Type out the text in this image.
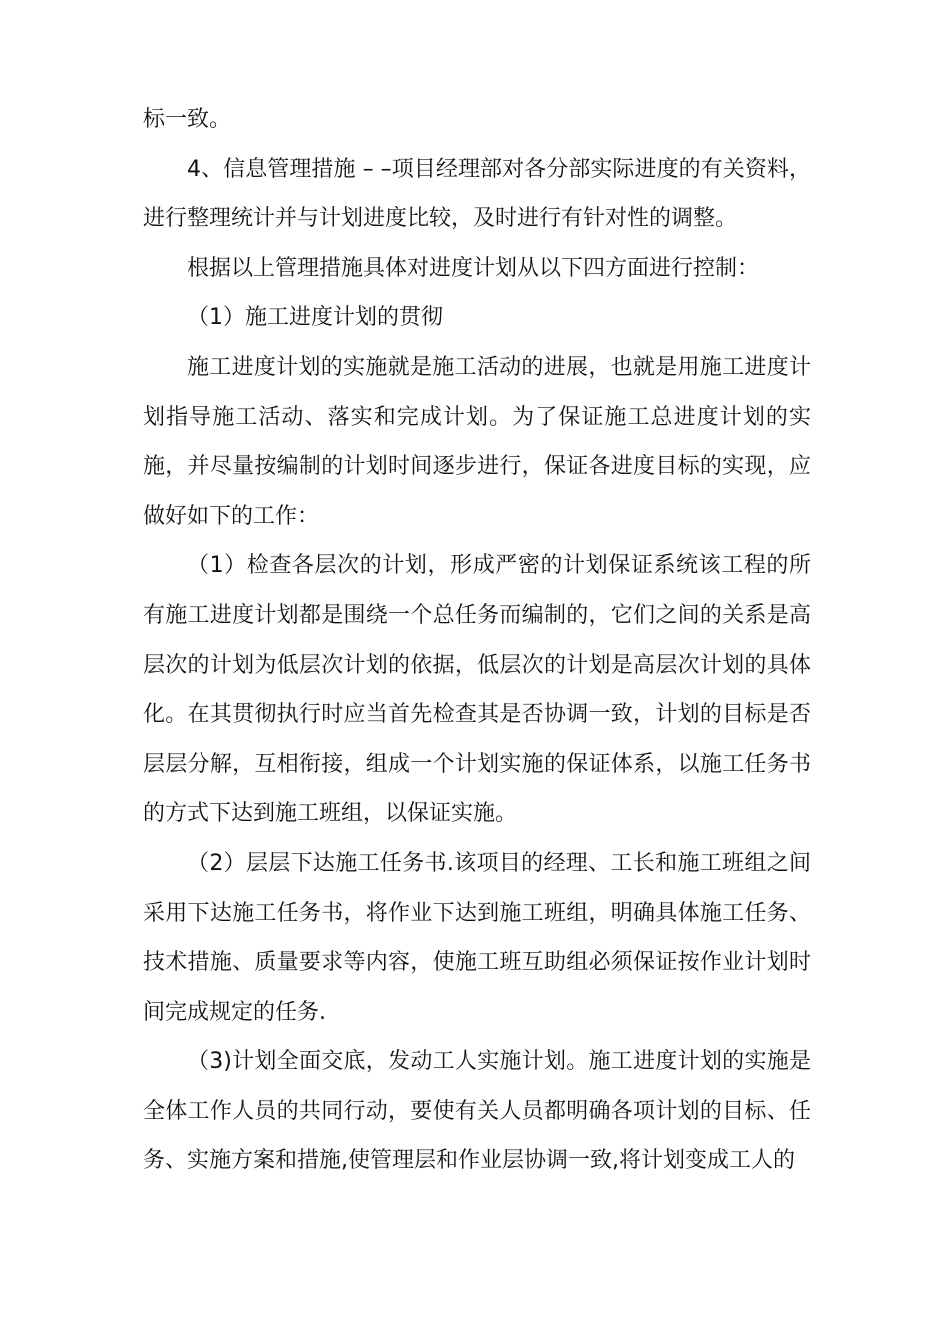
标一致。

4、信息管理措施 – –项目经理部对各分部实际进度的有关资料，进行整理统计并与计划进度比较，及时进行有针对性的调整。

根据以上管理措施具体对进度计划从以下四方面进行控制：

（1）施工进度计划的贯彻

施工进度计划的实施就是施工活动的进展，也就是用施工进度计划指导施工活动、落实和完成计划。为了保证施工总进度计划的实施，并尽量按编制的计划时间逐步进行，保证各进度目标的实现，应做好如下的工作：

（1）检查各层次的计划，形成严密的计划保证系统该工程的所有施工进度计划都是围绕一个总任务而编制的，它们之间的关系是高层次的计划为低层次计划的依据，低层次的计划是高层次计划的具体化。在其贯彻执行时应当首先检查其是否协调一致，计划的目标是否层层分解，互相衔接，组成一个计划实施的保证体系，以施工任务书的方式下达到施工班组，以保证实施。

（2）层层下达施工任务书.该项目的经理、工长和施工班组之间采用下达施工任务书，将作业下达到施工班组，明确具体施工任务、技术措施、质量要求等内容，使施工班互助组必须保证按作业计划时间完成规定的任务.

（3)计划全面交底，发动工人实施计划。施工进度计划的实施是全体工作人员的共同行动，要使有关人员都明确各项计划的目标、任务、实施方案和措施,使管理层和作业层协调一致,将计划变成工人的
